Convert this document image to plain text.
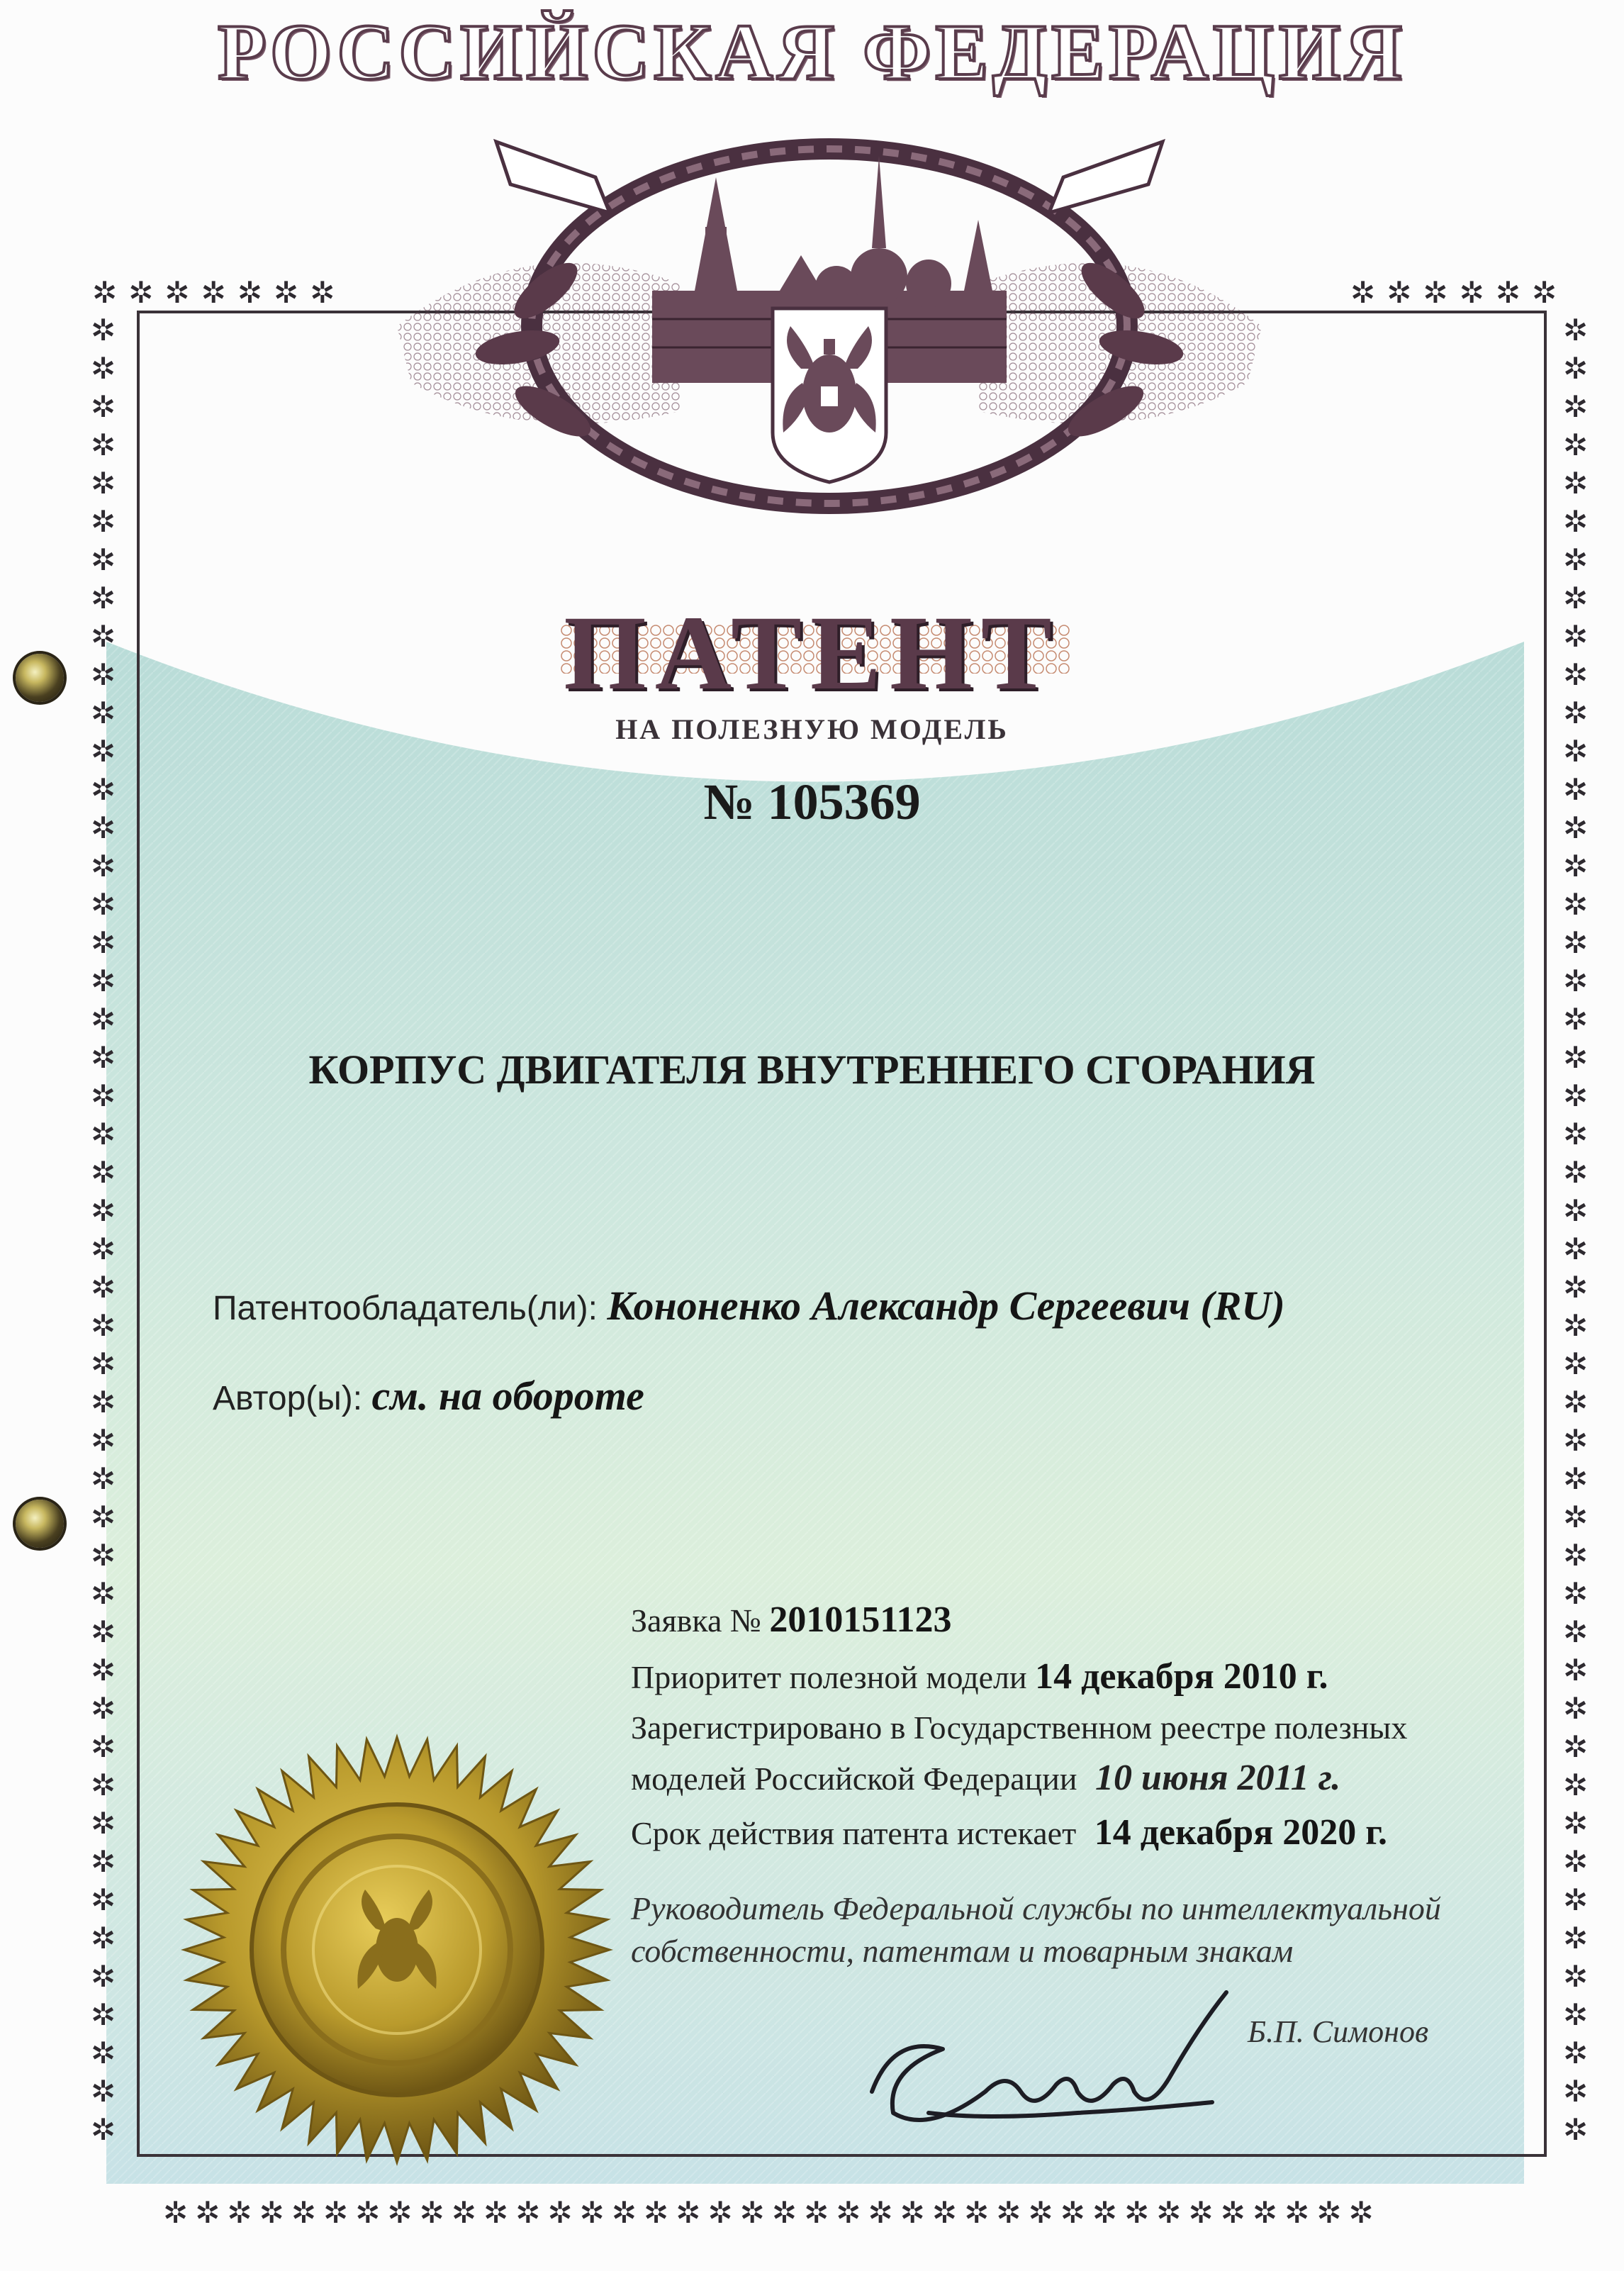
✲ ✲ ✲ ✲ ✲ ✲ ✲	✲ ✲ ✲ ✲ ✲ ✲
✲
✲
✲
✲
✲
✲
✲
✲
✲
✲
✲
✲
✲
✲
✲
✲
✲
✲
✲
✲
✲
✲
✲
✲
✲
✲
✲
✲
✲
✲
✲
✲
✲
✲
✲
✲
✲
✲
✲
✲
✲
✲
✲
✲
✲
✲
✲
✲
✲
✲
✲
✲
✲
✲
✲
✲
✲
✲
✲
✲
✲
✲
✲
✲
✲
✲
✲
✲
✲
✲
✲
✲
✲
✲
✲
✲
✲
✲
✲
✲
✲
✲
✲
✲
✲
✲
✲
✲
✲
✲
✲
✲
✲
✲
✲
✲
✲ ✲ ✲ ✲ ✲ ✲ ✲ ✲ ✲ ✲ ✲ ✲ ✲ ✲ ✲ ✲ ✲ ✲ ✲ ✲ ✲ ✲ ✲ ✲ ✲ ✲ ✲ ✲ ✲ ✲ ✲ ✲ ✲ ✲ ✲ ✲ ✲ ✲
РОССИЙСКАЯ ФЕДЕРАЦИЯ
ПАТЕНТ
НА ПОЛЕЗНУЮ МОДЕЛЬ
№ 105369
КОРПУС ДВИГАТЕЛЯ ВНУТРЕННЕГО СГОРАНИЯ
Патентообладатель(ли): Кононенко Александр Сергеевич (RU)
Автор(ы): см. на обороте
Заявка № 2010151123
Приоритет полезной модели 14 декабря 2010 г.
Зарегистрировано в Государственном реестре полезных
моделей Российской Федерации 10 июня 2011 г.
Срок действия патента истекает 14 декабря 2020 г.
Руководитель Федеральной службы по интеллектуальной
собственности, патентам и товарным знакам
Б.П. Симонов
